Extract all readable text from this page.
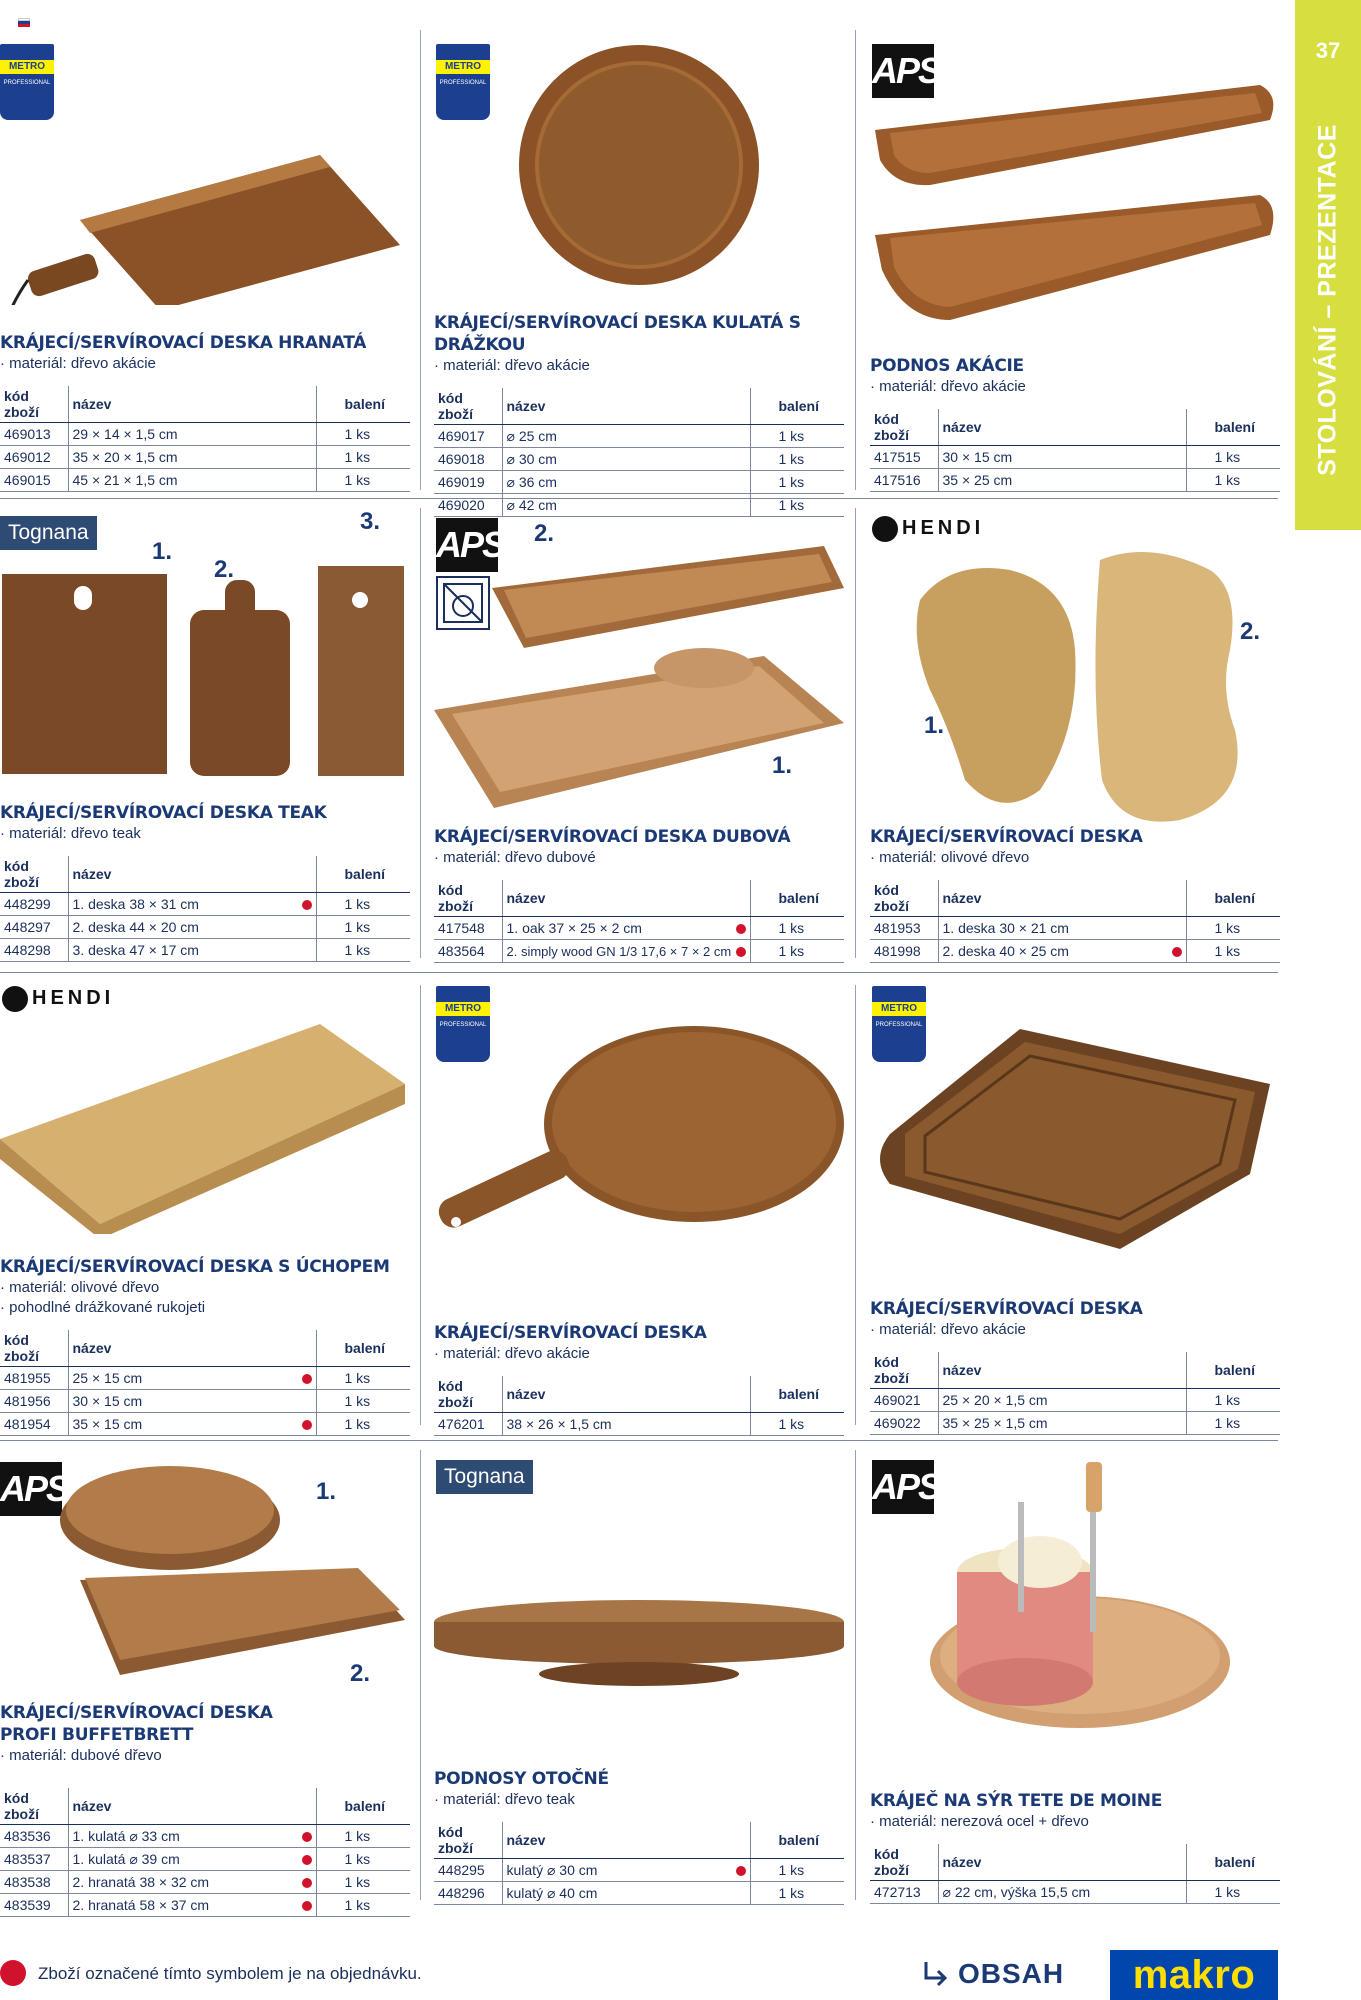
37
STOLOVÁNÍ – PREZENTACE
METRO
PROFESSIONAL
KRÁJECÍ/SERVÍROVACÍ DESKA HRANATÁ
· materiál: dřevo akácie
kód zboží	název	balení
469013	29 × 14 × 1,5 cm	1 ks
469012	35 × 20 × 1,5 cm	1 ks
469015	45 × 21 × 1,5 cm	1 ks
METRO
PROFESSIONAL
KRÁJECÍ/SERVÍROVACÍ DESKA KULATÁ S DRÁŽKOU
· materiál: dřevo akácie
kód zboží	název	balení
469017	⌀ 25 cm	1 ks
469018	⌀ 30 cm	1 ks
469019	⌀ 36 cm	1 ks
469020	⌀ 42 cm	1 ks
APS
PODNOS AKÁCIE
· materiál: dřevo akácie
kód zboží	název	balení
417515	30 × 15 cm	1 ks
417516	35 × 25 cm	1 ks
Tognana
1.
2.
3.
KRÁJECÍ/SERVÍROVACÍ DESKA TEAK
· materiál: dřevo teak
kód zboží	název	balení
448299	1. deska 38 × 31 cm	1 ks
448297	2. deska 44 × 20 cm	1 ks
448298	3. deska 47 × 17 cm	1 ks
APS 2.
1.
KRÁJECÍ/SERVÍROVACÍ DESKA DUBOVÁ
· materiál: dřevo dubové
kód zboží	název	balení
417548	1. oak 37 × 25 × 2 cm	1 ks
483564	2. simply wood GN 1/3 17,6 × 7 × 2 cm	1 ks
HENDI
1.
2.
KRÁJECÍ/SERVÍROVACÍ DESKA
· materiál: olivové dřevo
kód zboží	název	balení
481953	1. deska 30 × 21 cm	1 ks
481998	2. deska 40 × 25 cm	1 ks
HENDI
KRÁJECÍ/SERVÍROVACÍ DESKA S ÚCHOPEM
· materiál: olivové dřevo
· pohodlné drážkované rukojeti
kód zboží	název	balení
481955	25 × 15 cm	1 ks
481956	30 × 15 cm	1 ks
481954	35 × 15 cm	1 ks
METRO
PROFESSIONAL
KRÁJECÍ/SERVÍROVACÍ DESKA
· materiál: dřevo akácie
kód zboží	název	balení
476201	38 × 26 × 1,5 cm	1 ks
METRO
PROFESSIONAL
KRÁJECÍ/SERVÍROVACÍ DESKA
· materiál: dřevo akácie
kód zboží	název	balení
469021	25 × 20 × 1,5 cm	1 ks
469022	35 × 25 × 1,5 cm	1 ks
APS	1.
2.
KRÁJECÍ/SERVÍROVACÍ DESKA PROFI BUFFETBRETT
· materiál: dubové dřevo
kód zboží	název	balení
483536	1. kulatá ⌀ 33 cm	1 ks
483537	1. kulatá ⌀ 39 cm	1 ks
483538	2. hranatá 38 × 32 cm	1 ks
483539	2. hranatá 58 × 37 cm	1 ks
Tognana
PODNOSY OTOČNÉ
· materiál: dřevo teak
kód zboží	název	balení
448295	kulatý ⌀ 30 cm	1 ks
448296	kulatý ⌀ 40 cm	1 ks
APS
KRÁJEČ NA SÝR TETE DE MOINE
· materiál: nerezová ocel + dřevo
kód zboží	název	balení
472713	⌀ 22 cm, výška 15,5 cm	1 ks
Zboží označené tímto symbolem je na objednávku.	OBSAH	makro
